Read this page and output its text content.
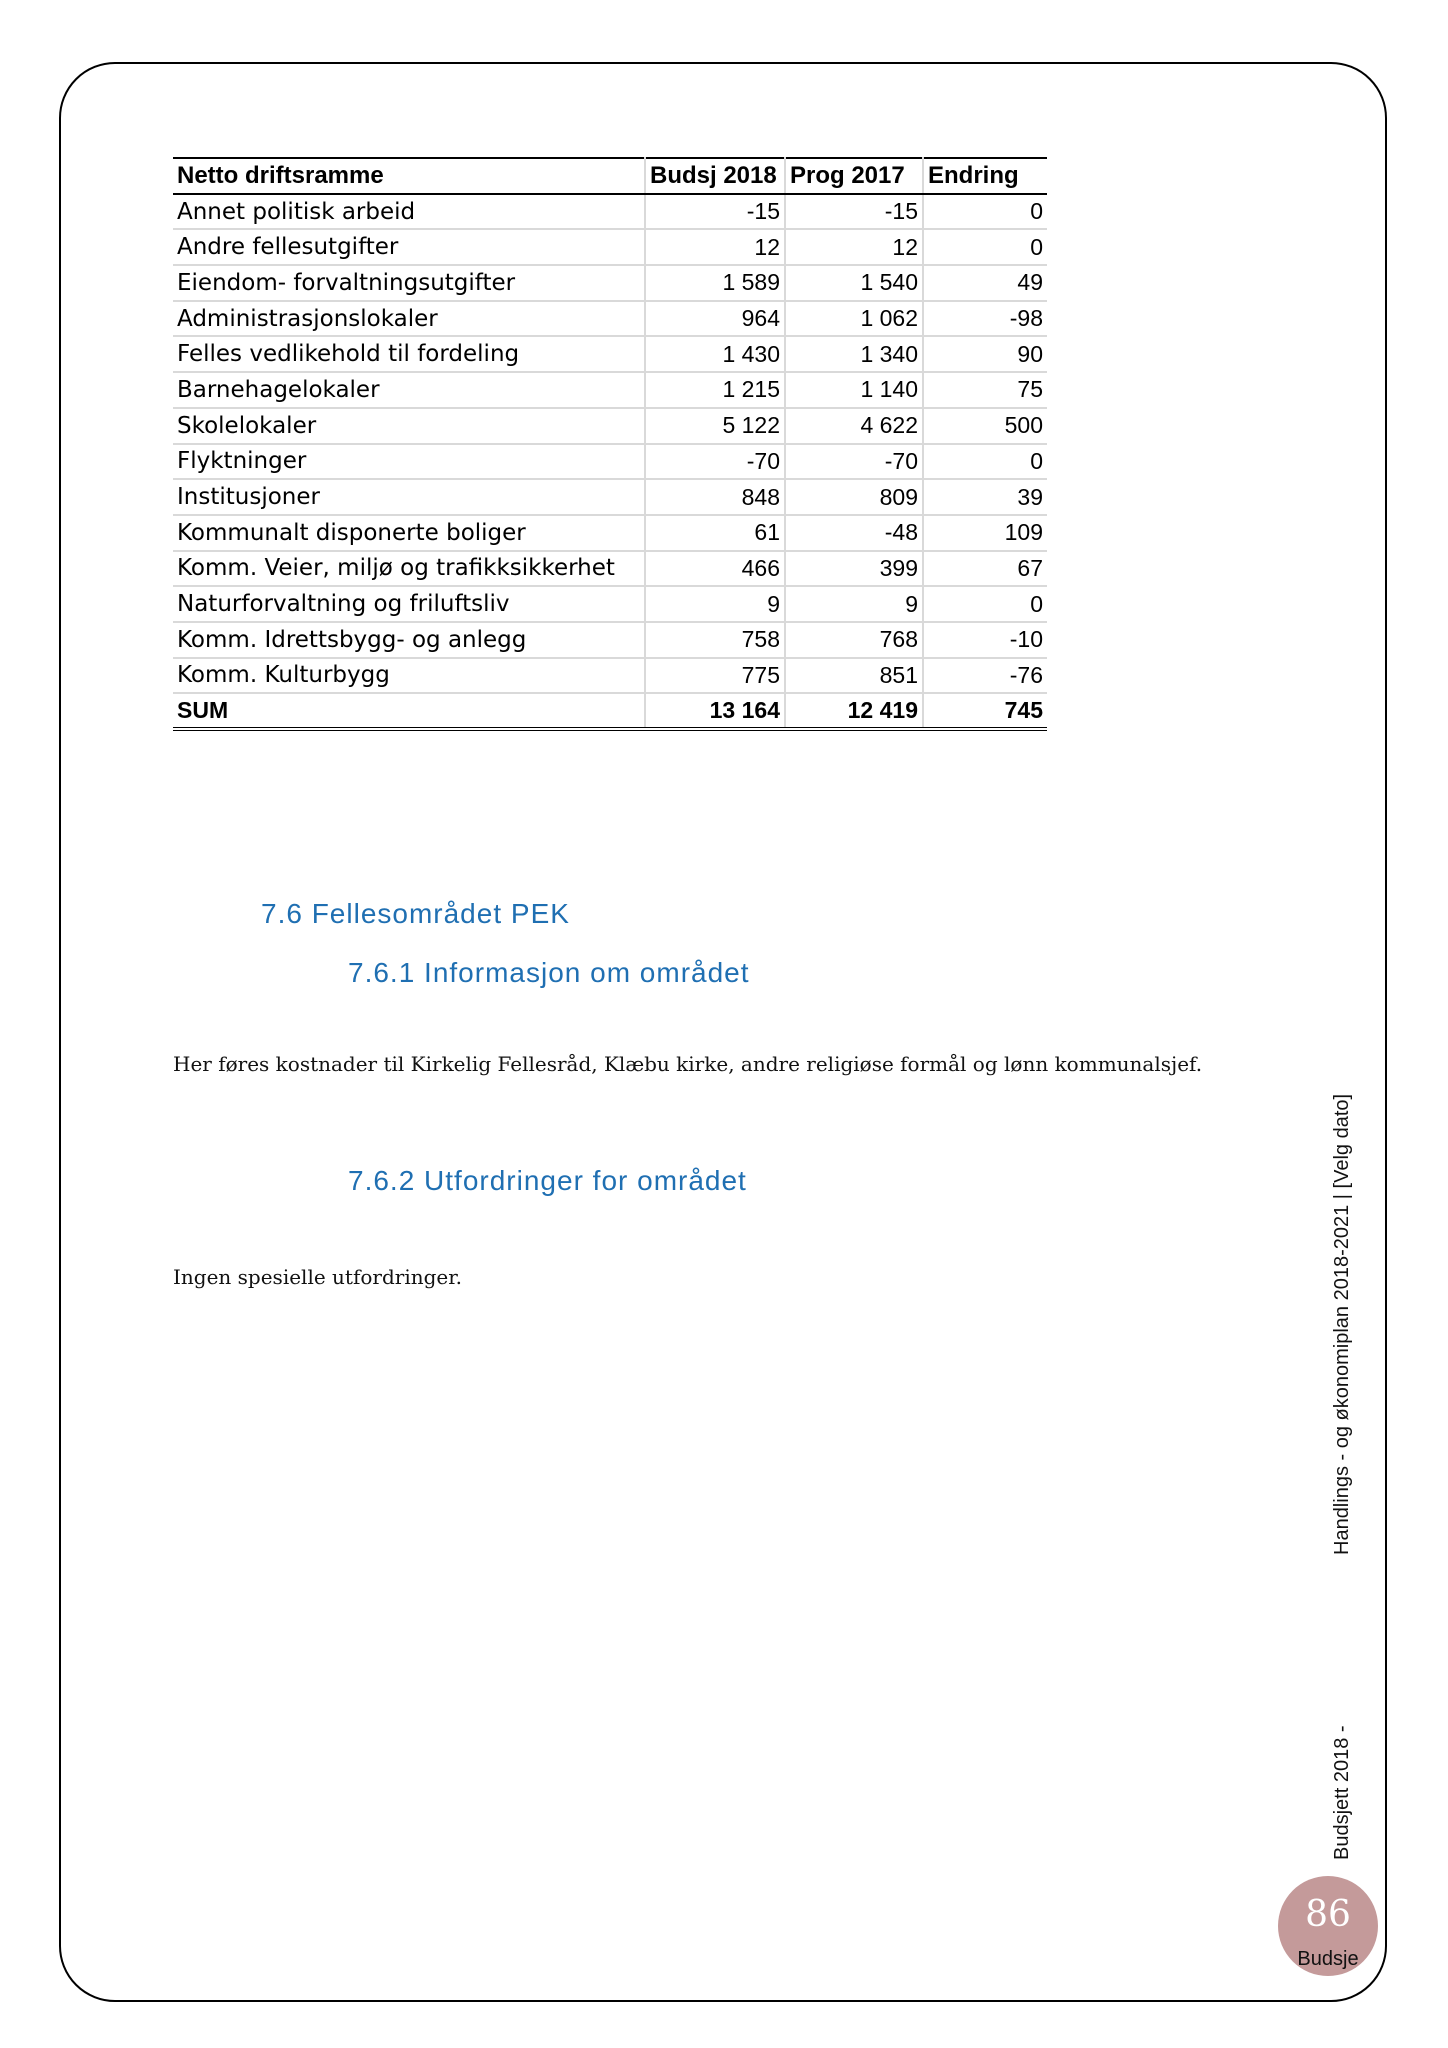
Netto driftsramme	Budsj 2018	Prog 2017	Endring
Annet politisk arbeid	-15	-15	0
Andre fellesutgifter	12	12	0
Eiendom- forvaltningsutgifter	1 589	1 540	49
Administrasjonslokaler	964	1 062	-98
Felles vedlikehold til fordeling	1 430	1 340	90
Barnehagelokaler	1 215	1 140	75
Skolelokaler	5 122	4 622	500
Flyktninger	-70	-70	0
Institusjoner	848	809	39
Kommunalt disponerte boliger	61	-48	109
Komm. Veier, miljø og trafikksikkerhet	466	399	67
Naturforvaltning og friluftsliv	9	9	0
Komm. Idrettsbygg- og anlegg	758	768	-10
Komm. Kulturbygg	775	851	-76
SUM	13 164	12 419	745
7.6 Fellesområdet PEK
7.6.1 Informasjon om området
Her føres kostnader til Kirkelig Fellesråd, Klæbu kirke, andre religiøse formål og lønn kommunalsjef.
7.6.2 Utfordringer for området
Ingen spesielle utfordringer.	Handlings - og økonomiplan 2018-2021 | [Velg dato]
Budsjett 2018 -
86
Budsje
